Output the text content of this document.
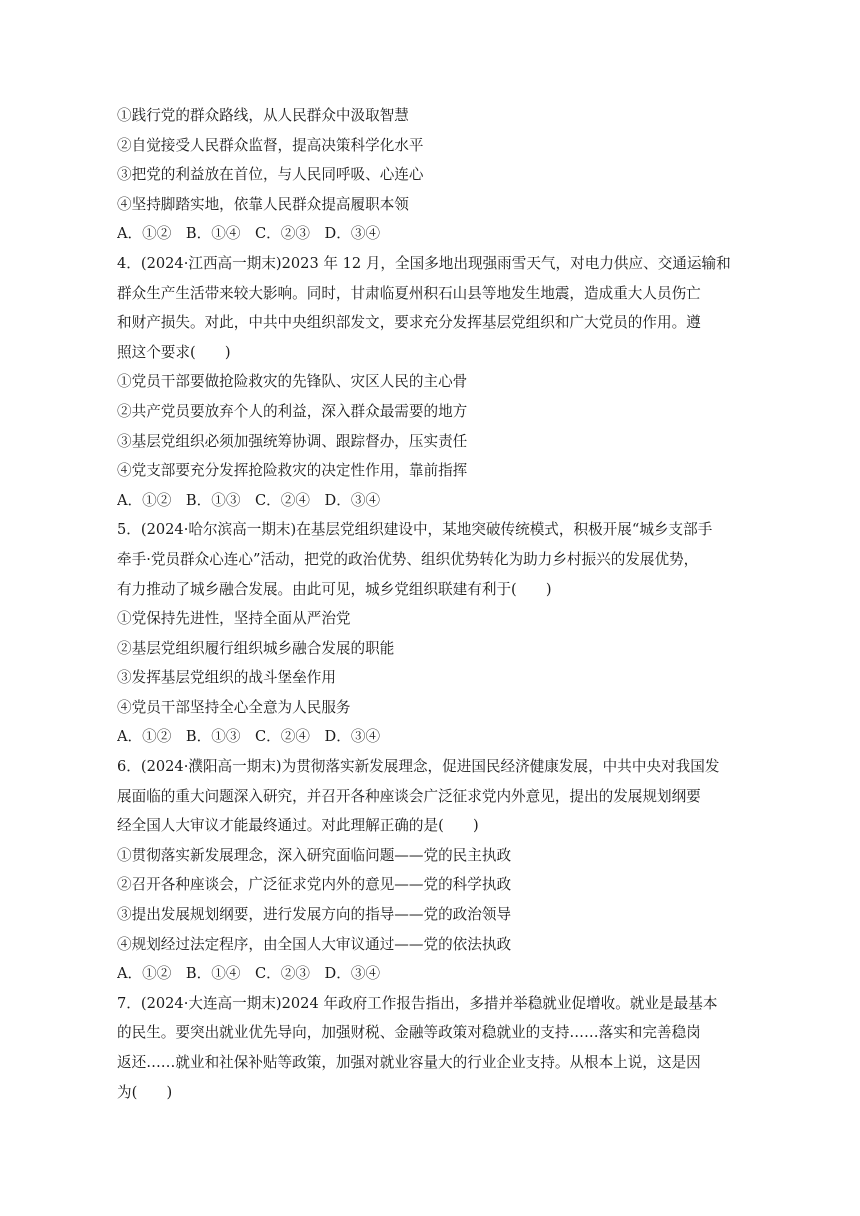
①践行党的群众路线，从人民群众中汲取智慧
②自觉接受人民群众监督，提高决策科学化水平
③把党的利益放在首位，与人民同呼吸、心连心
④坚持脚踏实地，依靠人民群众提高履职本领
A．①②　B．①④　C．②③　D．③④
4．(2024·江西高一期末)2023 年 12 月，全国多地出现强雨雪天气，对电力供应、交通运输和
群众生产生活带来较大影响。同时，甘肃临夏州积石山县等地发生地震，造成重大人员伤亡
和财产损失。对此，中共中央组织部发文，要求充分发挥基层党组织和广大党员的作用。遵
照这个要求(　　)
①党员干部要做抢险救灾的先锋队、灾区人民的主心骨
②共产党员要放弃个人的利益，深入群众最需要的地方
③基层党组织必须加强统筹协调、跟踪督办，压实责任
④党支部要充分发挥抢险救灾的决定性作用，靠前指挥
A．①②　B．①③　C．②④　D．③④
5．(2024·哈尔滨高一期末)在基层党组织建设中，某地突破传统模式，积极开展“城乡支部手
牵手·党员群众心连心”活动，把党的政治优势、组织优势转化为助力乡村振兴的发展优势，
有力推动了城乡融合发展。由此可见，城乡党组织联建有利于(　　)
①党保持先进性，坚持全面从严治党
②基层党组织履行组织城乡融合发展的职能
③发挥基层党组织的战斗堡垒作用
④党员干部坚持全心全意为人民服务
A．①②　B．①③　C．②④　D．③④
6．(2024·濮阳高一期末)为贯彻落实新发展理念，促进国民经济健康发展，中共中央对我国发
展面临的重大问题深入研究，并召开各种座谈会广泛征求党内外意见，提出的发展规划纲要
经全国人大审议才能最终通过。对此理解正确的是(　　)
①贯彻落实新发展理念，深入研究面临问题——党的民主执政
②召开各种座谈会，广泛征求党内外的意见——党的科学执政
③提出发展规划纲要，进行发展方向的指导——党的政治领导
④规划经过法定程序，由全国人大审议通过——党的依法执政
A．①②　B．①④　C．②③　D．③④
7．(2024·大连高一期末)2024 年政府工作报告指出，多措并举稳就业促增收。就业是最基本
的民生。要突出就业优先导向，加强财税、金融等政策对稳就业的支持……落实和完善稳岗
返还……就业和社保补贴等政策，加强对就业容量大的行业企业支持。从根本上说，这是因
为(　　)
